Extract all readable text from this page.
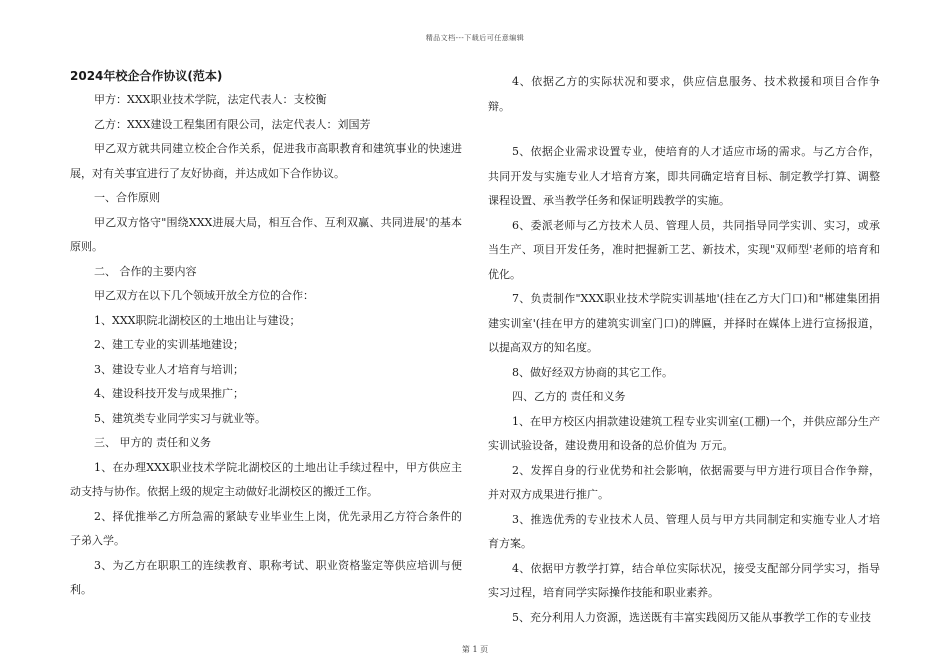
精品文档---下载后可任意编辑
2024年校企合作协议(范本)

甲方：XXX职业技术学院，法定代表人：支校衡

乙方：XXX建设工程集团有限公司，法定代表人：刘国芳

甲乙双方就共同建立校企合作关系，促进我市高职教育和建筑事业的快速进展，对有关事宜进行了友好协商，并达成如下合作协议。

一、合作原则

甲乙双方恪守"围绕XXX进展大局，相互合作、互利双赢、共同进展'的基本原则。

二、 合作的主要内容

甲乙双方在以下几个领域开放全方位的合作：

1、XXX职院北湖校区的土地出让与建设；

2、建工专业的实训基地建设；

3、建设专业人才培育与培训；

4、建设科技开发与成果推广；

5、建筑类专业同学实习与就业等。

三、 甲方的 责任和义务

1、在办理XXX职业技术学院北湖校区的土地出让手续过程中，甲方供应主动支持与协作。依据上级的规定主动做好北湖校区的搬迁工作。

2、择优推举乙方所急需的紧缺专业毕业生上岗，优先录用乙方符合条件的子弟入学。

3、为乙方在职职工的连续教育、职称考试、职业资格鉴定等供应培训与便利。

4、依据乙方的实际状况和要求，供应信息服务、技术救援和项目合作争辩。

5、依据企业需求设置专业，使培育的人才适应市场的需求。与乙方合作，共同开发与实施专业人才培育方案，即共同确定培育目标、制定教学打算、调整课程设置、承当教学任务和保证明践教学的实施。

6、委派老师与乙方技术人员、管理人员，共同指导同学实训、实习，或承当生产、项目开发任务，准时把握新工艺、新技术，实现"双师型'老师的培育和优化。

7、负责制作"XXX职业技术学院实训基地'(挂在乙方大门口)和"郴建集团捐建实训室'(挂在甲方的建筑实训室门口)的牌匾，并择时在媒体上进行宣扬报道，以提高双方的知名度。

8、做好经双方协商的其它工作。

四、乙方的 责任和义务

1、在甲方校区内捐款建设建筑工程专业实训室(工棚)一个，并供应部分生产实训试验设备，建设费用和设备的总价值为 万元。

2、发挥自身的行业优势和社会影响，依据需要与甲方进行项目合作争辩，并对双方成果进行推广。

3、推选优秀的专业技术人员、管理人员与甲方共同制定和实施专业人才培育方案。

4、依据甲方教学打算，结合单位实际状况，接受支配部分同学实习，指导实习过程，培育同学实际操作技能和职业素养。

5、充分利用人力资源，选送既有丰富实践阅历又能从事教学工作的专业技

第 1 页
